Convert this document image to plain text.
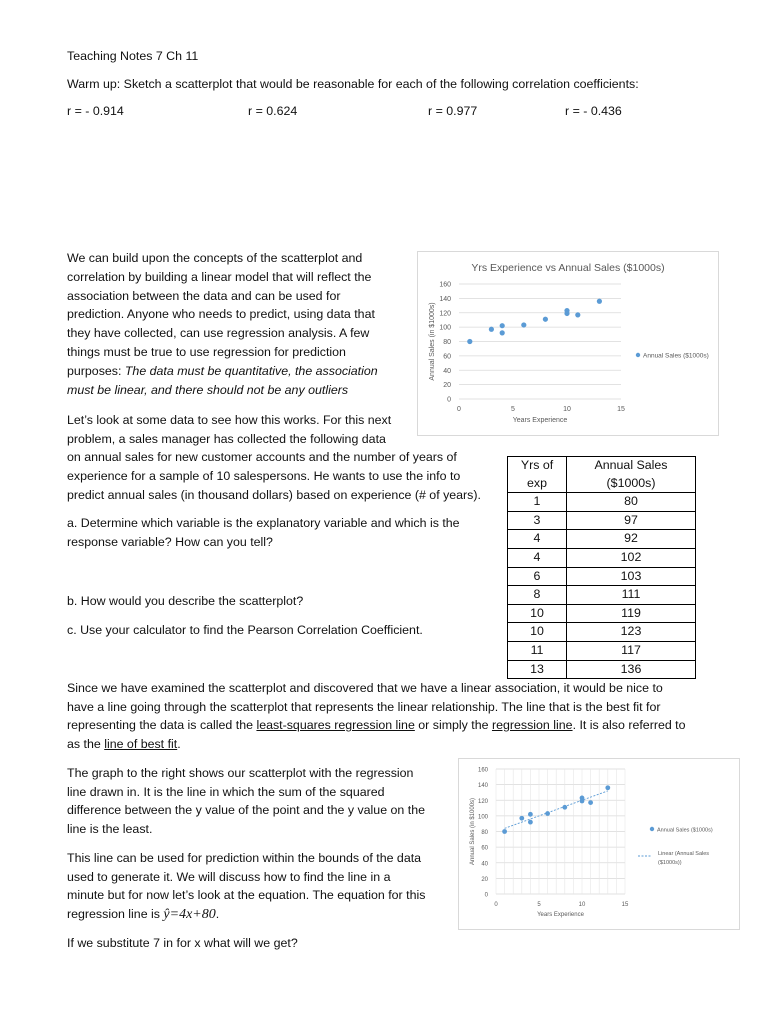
Teaching Notes 7 Ch 11
Warm up: Sketch a scatterplot that would be reasonable for each of the following correlation coefficients:
r = - 0.914	r = 0.624	r = 0.977	r = - 0.436
We can build upon the concepts of the scatterplot and
correlation by building a linear model that will reflect the
association between the data and can be used for
prediction. Anyone who needs to predict, using data that
they have collected, can use regression analysis. A few
things must be true to use regression for prediction
purposes: The data must be quantitative, the association
must be linear, and there should not be any outliers
Yrs Experience vs Annual Sales ($1000s)
0
20
40
60
80
100
120
140
160
0	5	10	15
Years Experience
Annual Sales (in $1000s)	Annual Sales ($1000s)
Let’s look at some data to see how this works. For this next
problem, a sales manager has collected the following data
on annual sales for new customer accounts and the number of years of
experience for a sample of 10 salespersons. He wants to use the info to
predict annual sales (in thousand dollars) based on experience (# of years).
a. Determine which variable is the explanatory variable and which is the
response variable? How can you tell?
b. How would you describe the scatterplot?
c. Use your calculator to find the Pearson Correlation Coefficient.
Yrs of	Annual Sales
exp	($1000s)
1	80
3	97
4	92
4	102
6	103
8	111
10	119
10	123
11	117
13	136
Since we have examined the scatterplot and discovered that we have a linear association, it would be nice to
have a line going through the scatterplot that represents the linear relationship. The line that is the best fit for
representing the data is called the least-squares regression line or simply the regression line. It is also referred to
as the line of best fit.
The graph to the right shows our scatterplot with the regression
line drawn in. It is the line in which the sum of the squared
difference between the y value of the point and the y value on the
line is the least.
This line can be used for prediction within the bounds of the data
used to generate it. We will discuss how to find the line in a
minute but for now let’s look at the equation. The equation for this
regression line is ŷ=4x+80.
If we substitute 7 in for x what will we get?
0
20
40
60
80
100
120
140
160
0	5	10	15
Years Experience
Annual Sales (in $1000s)	Annual Sales ($1000s)
Linear (Annual Sales
($1000s))
